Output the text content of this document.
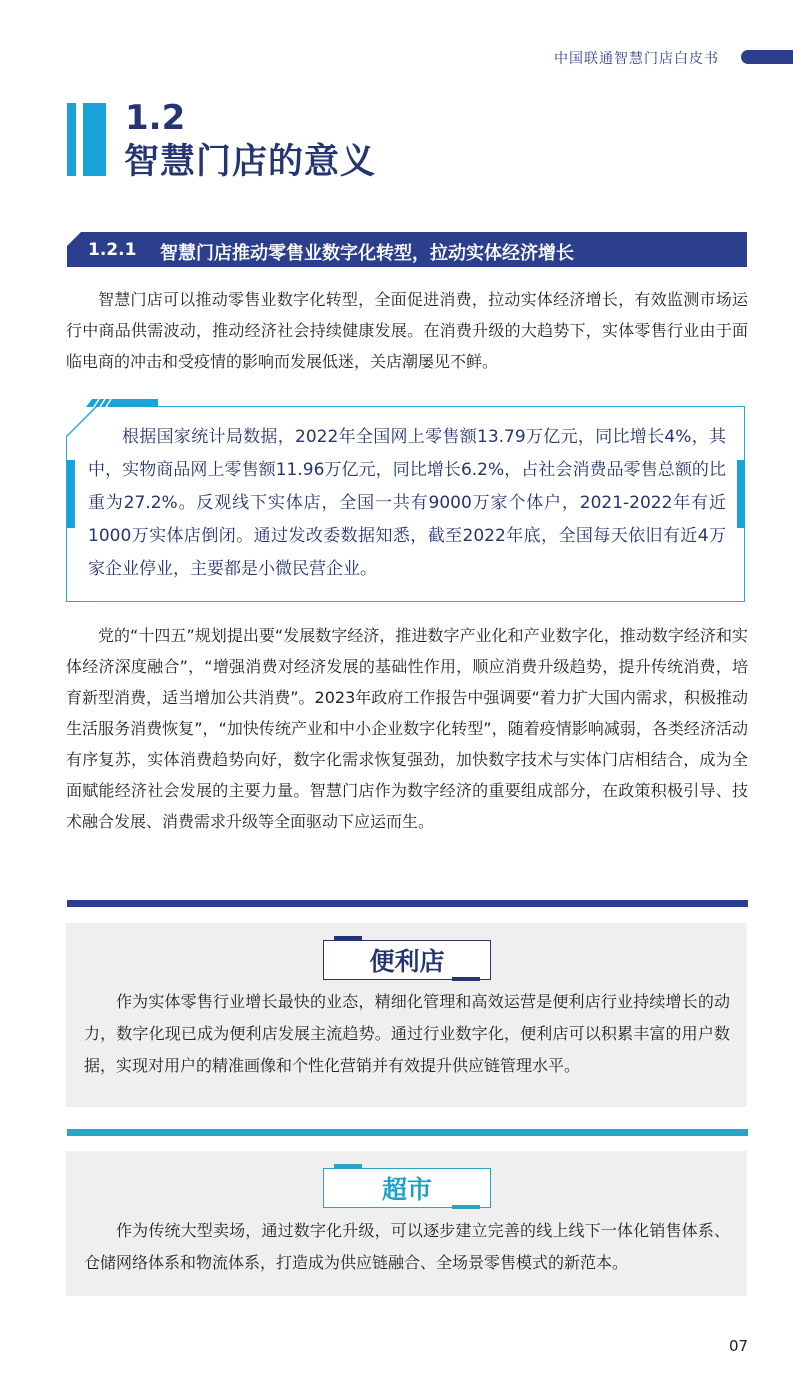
中国联通智慧门店白皮书
1.2
智慧门店的意义
1.2.1 智慧门店推动零售业数字化转型，拉动实体经济增长

智慧门店可以推动零售业数字化转型，全面促进消费，拉动实体经济增长，有效监测市场运行中商品供需波动，推动经济社会持续健康发展。在消费升级的大趋势下，实体零售行业由于面临电商的冲击和受疫情的影响而发展低迷，关店潮屡见不鲜。

根据国家统计局数据，2022年全国网上零售额13.79万亿元，同比增长4%，其中，实物商品网上零售额11.96万亿元，同比增长6.2%，占社会消费品零售总额的比重为27.2%。反观线下实体店，全国一共有9000万家个体户，2021-2022年有近1000万实体店倒闭。通过发改委数据知悉，截至2022年底，全国每天依旧有近4万家企业停业，主要都是小微民营企业。

党的“十四五”规划提出要“发展数字经济，推进数字产业化和产业数字化，推动数字经济和实体经济深度融合”，“增强消费对经济发展的基础性作用，顺应消费升级趋势，提升传统消费，培育新型消费，适当增加公共消费”。2023年政府工作报告中强调要“着力扩大国内需求，积极推动生活服务消费恢复”，“加快传统产业和中小企业数字化转型”，随着疫情影响减弱，各类经济活动有序复苏，实体消费趋势向好，数字化需求恢复强劲，加快数字技术与实体门店相结合，成为全面赋能经济社会发展的主要力量。智慧门店作为数字经济的重要组成部分，在政策积极引导、技术融合发展、消费需求升级等全面驱动下应运而生。

便利店

作为实体零售行业增长最快的业态，精细化管理和高效运营是便利店行业持续增长的动力，数字化现已成为便利店发展主流趋势。通过行业数字化，便利店可以积累丰富的用户数据，实现对用户的精准画像和个性化营销并有效提升供应链管理水平。

超市

作为传统大型卖场，通过数字化升级，可以逐步建立完善的线上线下一体化销售体系、仓储网络体系和物流体系，打造成为供应链融合、全场景零售模式的新范本。

07
